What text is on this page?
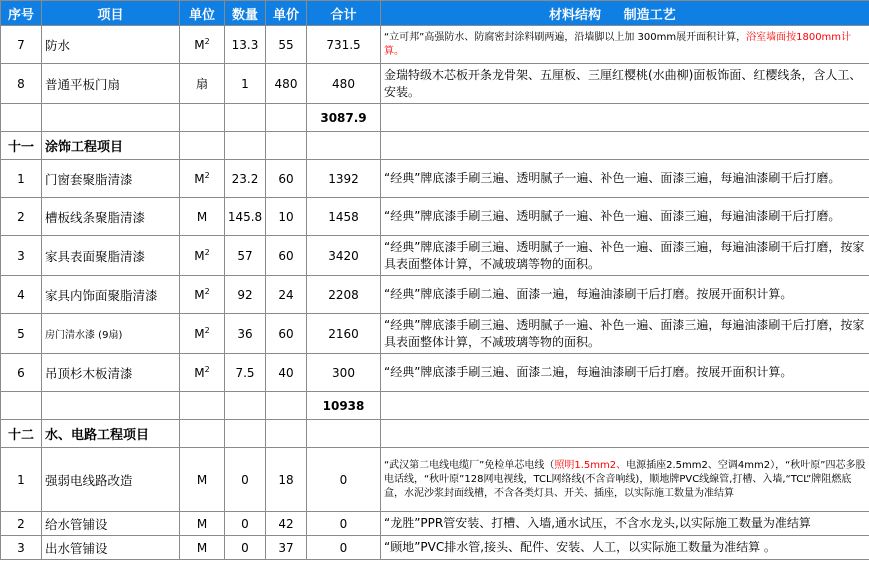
序号	项目	单位	数量	单价	合计	材料结构     制造工艺
7	防水	$M^2$	13.3	55	731.5	“立可邦”高强防水、防腐密封涂料刷两遍，沿墙脚以上加 300mm展开面积计算，浴室墙面按1800mm计算。
8	普通平板门扇	扇	1	480	480	金瑞特级木芯板开条龙骨架、五厘板、三厘红樱桃(水曲柳)面板饰面、红樱线条，含人工、安装。
					3087.9	
十一	涂饰工程项目					
1	门窗套聚脂清漆	$M^2$	23.2	60	1392	“经典”牌底漆手刷三遍、透明腻子一遍、补色一遍、面漆三遍，每遍油漆刷干后打磨。
2	槽板线条聚脂清漆	M	145.8	10	1458	“经典”牌底漆手刷三遍、透明腻子一遍、补色一遍、面漆三遍，每遍油漆刷干后打磨。
3	家具表面聚脂清漆	$M^2$	57	60	3420	“经典”牌底漆手刷三遍、透明腻子一遍、补色一遍、面漆三遍，每遍油漆刷干后打磨，按家具表面整体计算，不减玻璃等物的面积。
4	家具内饰面聚脂清漆	$M^2$	92	24	2208	“经典”牌底漆手刷二遍、面漆一遍，每遍油漆刷干后打磨。按展开面积计算。
5	房门清水漆 (9扇)	$M^2$	36	60	2160	“经典”牌底漆手刷三遍、透明腻子一遍、补色一遍、面漆三遍，每遍油漆刷干后打磨，按家具表面整体计算，不减玻璃等物的面积。
6	吊顶杉木板清漆	$M^2$	7.5	40	300	“经典”牌底漆手刷三遍、面漆二遍，每遍油漆刷干后打磨。按展开面积计算。
					10938	
十二	水、电路工程项目					
1	强弱电线路改造	M	0	18	0	“武汉第二电线电缆厂”免检单芯电线（照明1.5mm2、电源插座2.5mm2、空调4mm2），“秋叶原”四芯多股电话线，“秋叶原”128网电视线，TCL网络线(不含音响线)，顺地牌PVC线線管,打槽、入墙,“TCL”牌阻燃底盒，水泥沙浆封面线槽，不含各类灯具、开关、插座，以实际施工数量为准结算
2	给水管铺设	M	0	42	0	“龙胜”PPR管安装、打槽、入墙,通水试压，不含水龙头,以实际施工数量为准结算
3	出水管铺设	M	0	37	0	“顾地”PVC排水管,接头、配件、安装、人工，以实际施工数量为准结算 。
